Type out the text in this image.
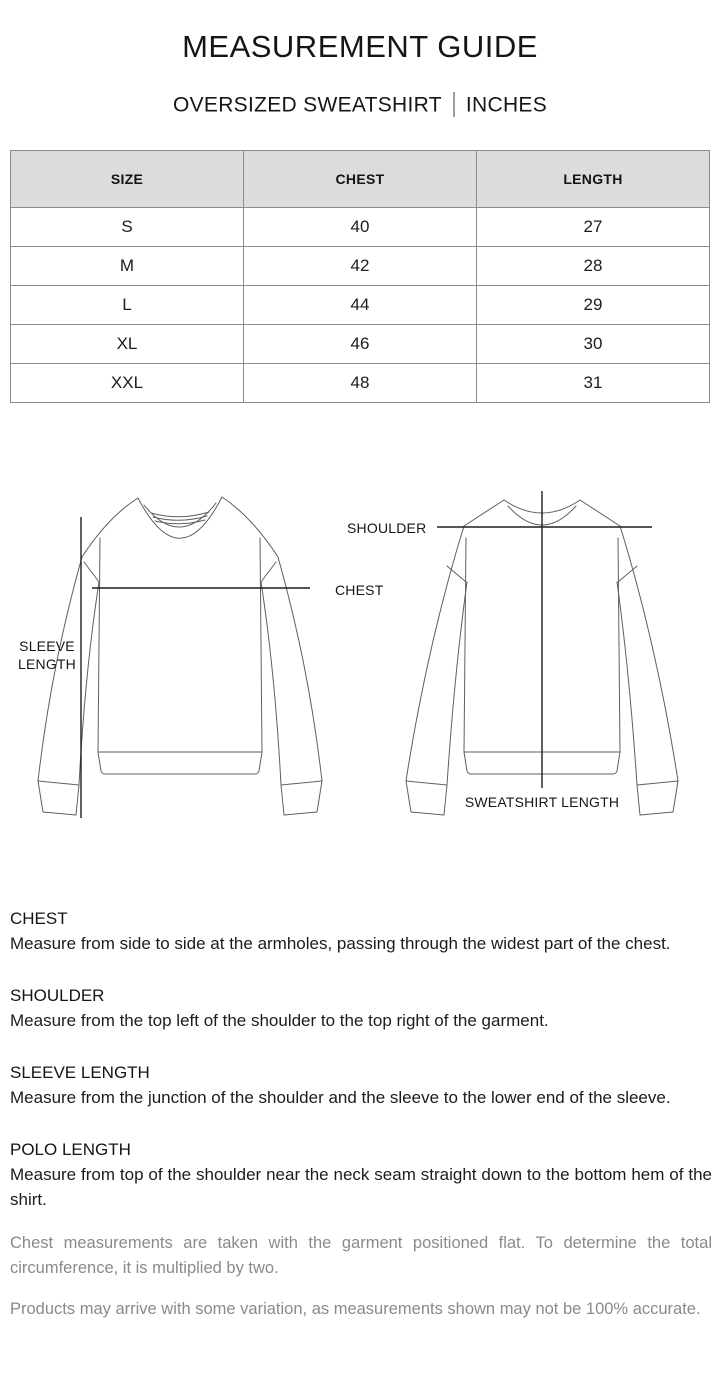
MEASUREMENT GUIDE
OVERSIZED SWEATSHIRT INCHES
SIZE	CHEST	LENGTH
S	40	27
M	42	28
L	44	29
XL	46	30
XXL	48	31
SHOULDER
CHEST
SLEEVE
LENGTH
SWEATSHIRT LENGTH
CHEST
Measure from side to side at the armholes, passing through the widest part of the chest.
SHOULDER
Measure from the top left of the shoulder to the top right of the garment.
SLEEVE LENGTH
Measure from the junction of the shoulder and the sleeve to the lower end of the sleeve.
POLO LENGTH
Measure from top of the shoulder near the neck seam straight down to the bottom hem of the shirt.
Chest measurements are taken with the garment positioned flat. To determine the total circumference, it is multiplied by two.
Products may arrive with some variation, as measurements shown may not be 100% accurate.
